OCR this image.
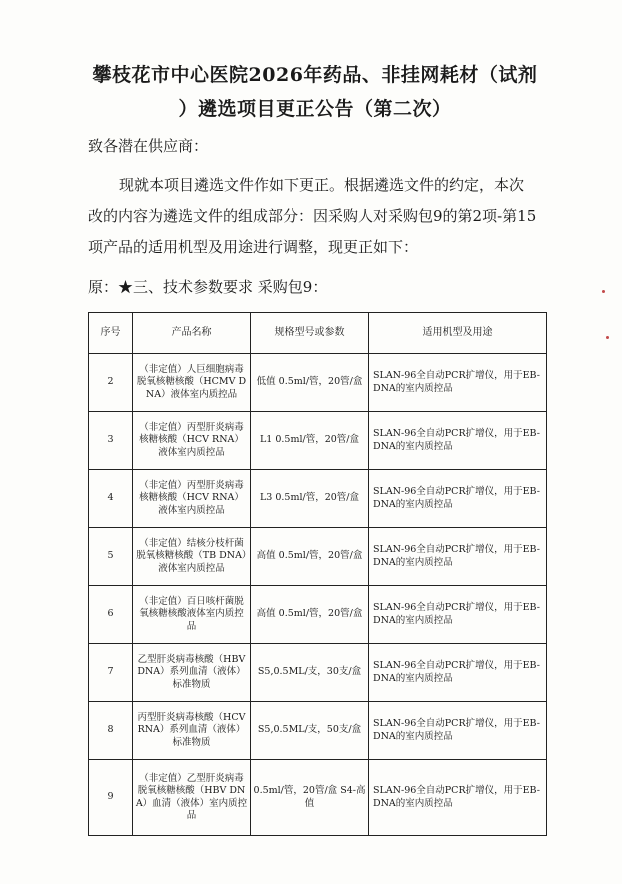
攀枝花市中心医院2026年药品、非挂网耗材（试剂
）遴选项目更正公告（第二次）
致各潜在供应商：
现就本项目遴选文件作如下更正。根据遴选文件的约定，本次改的内容为遴选文件的组成部分：因采购人对采购包9的第2项-第15项产品的适用机型及用途进行调整，现更正如下：
原：★三、技术参数要求 采购包9：
序号	产品名称	规格型号或参数	适用机型及用途
2	（非定值）人巨细胞病毒脱氧核糖核酸（HCMV DNA）液体室内质控品	低值 0.5ml/管，20管/盒	SLAN-96全自动PCR扩增仪，用于EB-DNA的室内质控品
3	（非定值）丙型肝炎病毒核糖核酸（HCV RNA）液体室内质控品	L1 0.5ml/管，20管/盒	SLAN-96全自动PCR扩增仪，用于EB-DNA的室内质控品
4	（非定值）丙型肝炎病毒核糖核酸（HCV RNA）液体室内质控品	L3 0.5ml/管，20管/盒	SLAN-96全自动PCR扩增仪，用于EB-DNA的室内质控品
5	（非定值）结核分枝杆菌脱氧核糖核酸（TB DNA）液体室内质控品	高值 0.5ml/管，20管/盒	SLAN-96全自动PCR扩增仪，用于EB-DNA的室内质控品
6	（非定值）百日咳杆菌脱氧核糖核酸液体室内质控品	高值 0.5ml/管，20管/盒	SLAN-96全自动PCR扩增仪，用于EB-DNA的室内质控品
7	乙型肝炎病毒核酸（HBV DNA）系列血清（液体）标准物质	S5,0.5ML/支，30支/盒	SLAN-96全自动PCR扩增仪，用于EB-DNA的室内质控品
8	丙型肝炎病毒核酸（HCV RNA）系列血清（液体）标准物质	S5,0.5ML/支，50支/盒	SLAN-96全自动PCR扩增仪，用于EB-DNA的室内质控品
9	（非定值）乙型肝炎病毒脱氧核糖核酸（HBV DNA）血清（液体）室内质控品	0.5ml/管，20管/盒 S4-高值	SLAN-96全自动PCR扩增仪，用于EB-DNA的室内质控品
